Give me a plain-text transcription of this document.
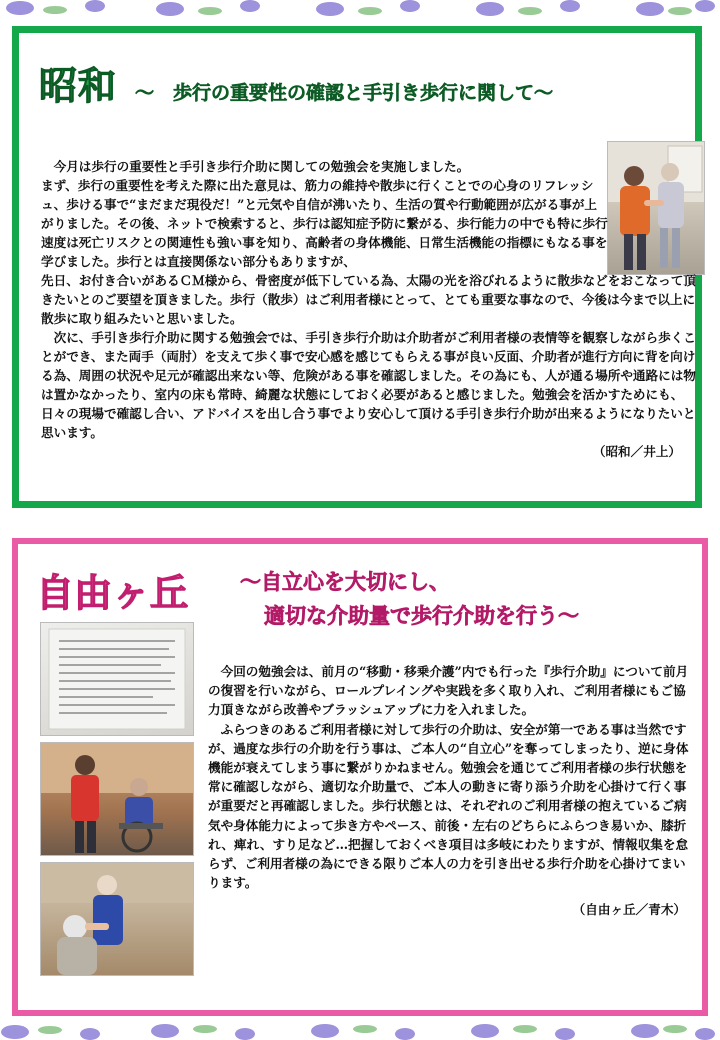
昭和 ～　歩行の重要性の確認と手引き歩行に関して～

　今月は歩行の重要性と手引き歩行介助に関しての勉強会を実施しました。

まず、歩行の重要性を考えた際に出た意見は、筋力の維持や散歩に行くことでの心身のリフレッシュ、歩ける事で“まだまだ現役だ！”と元気や自信が沸いたり、生活の質や行動範囲が広がる事が上がりました。その後、ネットで検索すると、歩行は認知症予防に繋がる、歩行能力の中でも特に歩行速度は死亡リスクとの関連性も強い事を知り、高齢者の身体機能、日常生活機能の指標にもなる事を学びました。歩行とは直接関係ない部分もありますが、

先日、お付き合いがあるＣＭ様から、骨密度が低下している為、太陽の光を浴びれるように散歩などをおこなって頂きたいとのご要望を頂きました。歩行（散歩）はご利用者様にとって、とても重要な事なので、今後は今まで以上に散歩に取り組みたいと思いました。

　次に、手引き歩行介助に関する勉強会では、手引き歩行介助は介助者がご利用者様の表情等を観察しながら歩くことができ、また両手（両肘）を支えて歩く事で安心感を感じてもらえる事が良い反面、介助者が進行方向に背を向ける為、周囲の状況や足元が確認出来ない等、危険がある事を確認しました。その為にも、人が通る場所や通路には物は置かなかったり、室内の床も常時、綺麗な状態にしておく必要があると感じました。勉強会を活かすためにも、日々の現場で確認し合い、アドバイスを出し合う事でより安心して頂ける手引き歩行介助が出来るようになりたいと思います。

（昭和／井上）

自由ヶ丘 ～自立心を大切にし、
適切な介助量で歩行介助を行う～

　今回の勉強会は、前月の“移動・移乗介護”内でも行った『歩行介助』について前月の復習を行いながら、ロールプレイングや実践を多く取り入れ、ご利用者様にもご協力頂きながら改善やブラッシュアップに力を入れました。

　ふらつきのあるご利用者様に対して歩行の介助は、安全が第一である事は当然ですが、過度な歩行の介助を行う事は、ご本人の“自立心”を奪ってしまったり、逆に身体機能が衰えてしまう事に繋がりかねません。勉強会を通じてご利用者様の歩行状態を常に確認しながら、適切な介助量で、ご本人の動きに寄り添う介助を心掛けて行く事が重要だと再確認しました。歩行状態とは、それぞれのご利用者様の抱えているご病気や身体能力によって歩き方やペース、前後・左右のどちらにふらつき易いか、膝折れ、痺れ、すり足など…把握しておくべき項目は多岐にわたりますが、情報収集を怠らず、ご利用者様の為にできる限りご本人の力を引き出せる歩行介助を心掛けてまいります。

（自由ヶ丘／青木）
